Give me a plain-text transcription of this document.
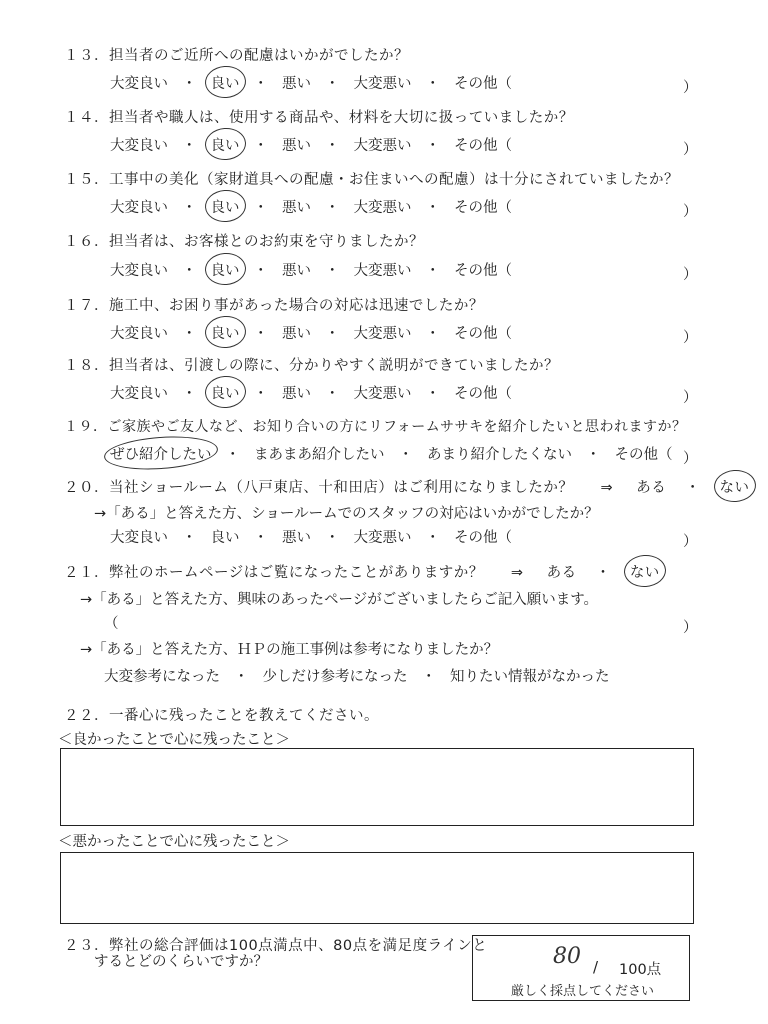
１３．担当者のご近所への配慮はいかがでしたか？
大変良い ・ 良い ・ 悪い ・ 大変悪い ・ その他（	）
１４．担当者や職人は、使用する商品や、材料を大切に扱っていましたか？
大変良い ・ 良い ・ 悪い ・ 大変悪い ・ その他（	）
１５．工事中の美化（家財道具への配慮・お住まいへの配慮）は十分にされていましたか？
大変良い ・ 良い ・ 悪い ・ 大変悪い ・ その他（	）
１６．担当者は、お客様とのお約束を守りましたか？
大変良い ・ 良い ・ 悪い ・ 大変悪い ・ その他（	）
１７．施工中、お困り事があった場合の対応は迅速でしたか？
大変良い ・ 良い ・ 悪い ・ 大変悪い ・ その他（	）
１８．担当者は、引渡しの際に、分かりやすく説明ができていましたか？
大変良い ・ 良い ・ 悪い ・ 大変悪い ・ その他（	）
１９．ご家族やご友人など、お知り合いの方にリフォームササキを紹介したいと思われますか？
ぜひ紹介したい ・ まあまあ紹介したい ・ あまり紹介したくない ・ その他（ ）
２０．当社ショールーム（八戸東店、十和田店）はご利用になりましたか？ ⇒ ある ・ ない
→「ある」と答えた方、ショールームでのスタッフの対応はいかがでしたか？
大変良い ・ 良い ・ 悪い ・ 大変悪い ・ その他（	）
２１．弊社のホームページはご覧になったことがありますか？ ⇒ ある ・ ない
→「ある」と答えた方、興味のあったページがございましたらご記入願います。
（	）
→「ある」と答えた方、ＨＰの施工事例は参考になりましたか？
大変参考になった ・ 少しだけ参考になった ・ 知りたい情報がなかった
２２．一番心に残ったことを教えてください。
＜良かったことで心に残ったこと＞
＜悪かったことで心に残ったこと＞
２３．弊社の総合評価は100点満点中、80点を満足度ラインと
するとどのくらいですか？	80 / 100点
厳しく採点してください
